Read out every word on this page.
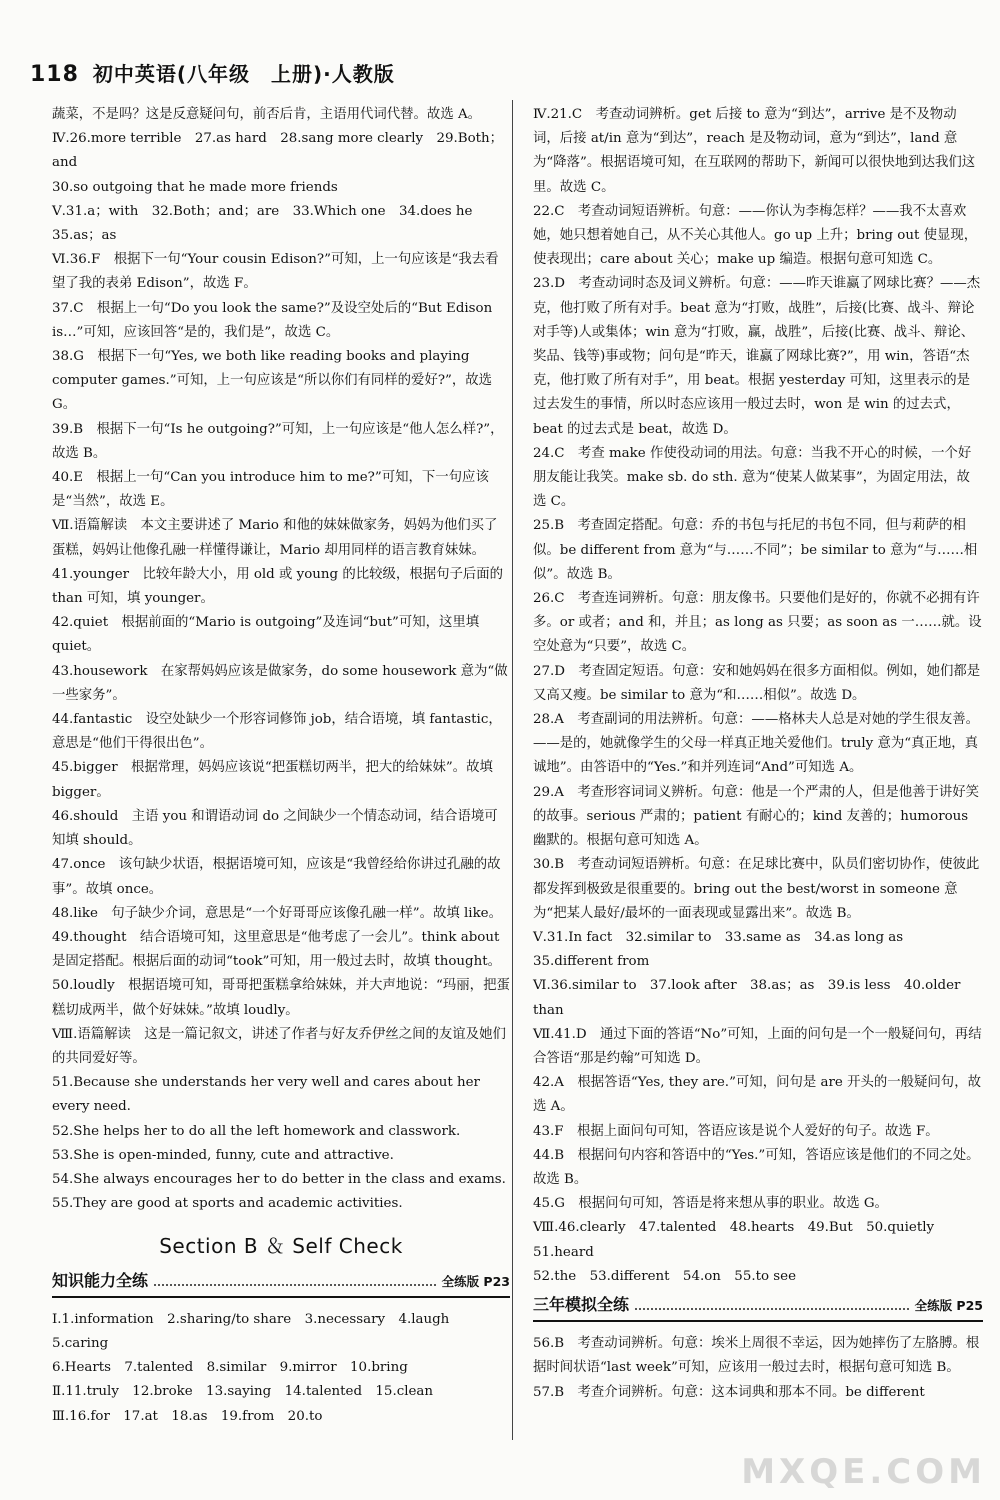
118 初中英语(八年级　上册)·人教版
蔬菜，不是吗？这是反意疑问句，前否后肯，主语用代词代替。故选 A。
Ⅳ.26.more terrible　27.as hard　28.sang more clearly　29.Both；and
30.so outgoing that he made more friends
Ⅴ.31.a；with　32.Both；and；are　33.Which one　34.does he　35.as；as
Ⅵ.36.F　根据下一句“Your cousin Edison?”可知，上一句应该是“我去看望了我的表弟 Edison”，故选 F。
37.C　根据上一句“Do you look the same?”及设空处后的“But Edison is…”可知，应该回答“是的，我们是”，故选 C。
38.G　根据下一句“Yes, we both like reading books and playing computer games.”可知，上一句应该是“所以你们有同样的爱好?”，故选 G。
39.B　根据下一句“Is he outgoing?”可知，上一句应该是“他人怎么样?”，故选 B。
40.E　根据上一句“Can you introduce him to me?”可知，下一句应该是“当然”，故选 E。
Ⅶ.语篇解读　本文主要讲述了 Mario 和他的妹妹做家务，妈妈为他们买了蛋糕，妈妈让他像孔融一样懂得谦让，Mario 却用同样的语言教育妹妹。
41.younger　比较年龄大小，用 old 或 young 的比较级，根据句子后面的 than 可知，填 younger。
42.quiet　根据前面的“Mario is outgoing”及连词“but”可知，这里填 quiet。
43.housework　在家帮妈妈应该是做家务，do some housework 意为“做一些家务”。
44.fantastic　设空处缺少一个形容词修饰 job，结合语境，填 fantastic，意思是“他们干得很出色”。
45.bigger　根据常理，妈妈应该说“把蛋糕切两半，把大的给妹妹”。故填 bigger。
46.should　主语 you 和谓语动词 do 之间缺少一个情态动词，结合语境可知填 should。
47.once　该句缺少状语，根据语境可知，应该是“我曾经给你讲过孔融的故事”。故填 once。
48.like　句子缺少介词，意思是“一个好哥哥应该像孔融一样”。故填 like。
49.thought　结合语境可知，这里意思是“他考虑了一会儿”。think about 是固定搭配。根据后面的动词“took”可知，用一般过去时，故填 thought。
50.loudly　根据语境可知，哥哥把蛋糕拿给妹妹，并大声地说：“玛丽，把蛋糕切成两半，做个好妹妹。”故填 loudly。
Ⅷ.语篇解读　这是一篇记叙文，讲述了作者与好友乔伊丝之间的友谊及她们的共同爱好等。
51.Because she understands her very well and cares about her every need.
52.She helps her to do all the left homework and classwork.
53.She is open-minded, funny, cute and attractive.
54.She always encourages her to do better in the class and exams.
55.They are good at sports and academic activities.
Section B ＆ Self Check
知识能力全练	全练版 P23
Ⅰ.1.information　2.sharing/to share　3.necessary　4.laugh　5.caring
6.Hearts　7.talented　8.similar　9.mirror　10.bring
Ⅱ.11.truly　12.broke　13.saying　14.talented　15.clean
Ⅲ.16.for　17.at　18.as　19.from　20.to
Ⅳ.21.C　考查动词辨析。get 后接 to 意为“到达”，arrive 是不及物动词，后接 at/in 意为“到达”，reach 是及物动词，意为“到达”，land 意为“降落”。根据语境可知，在互联网的帮助下，新闻可以很快地到达我们这里。故选 C。
22.C　考查动词短语辨析。句意：——你认为李梅怎样？——我不太喜欢她，她只想着她自己，从不关心其他人。go up 上升；bring out 使显现，使表现出；care about 关心；make up 编造。根据句意可知选 C。
23.D　考查动词时态及词义辨析。句意：——昨天谁赢了网球比赛？——杰克，他打败了所有对手。beat 意为“打败，战胜”，后接(比赛、战斗、辩论对手等)人或集体；win 意为“打败，赢，战胜”，后接(比赛、战斗、辩论、奖品、钱等)事或物；问句是“昨天，谁赢了网球比赛?”，用 win，答语“杰克，他打败了所有对手”，用 beat。根据 yesterday 可知，这里表示的是过去发生的事情，所以时态应该用一般过去时，won 是 win 的过去式，beat 的过去式是 beat，故选 D。
24.C　考查 make 作使役动词的用法。句意：当我不开心的时候，一个好朋友能让我笑。make sb. do sth. 意为“使某人做某事”，为固定用法，故选 C。
25.B　考查固定搭配。句意：乔的书包与托尼的书包不同，但与莉萨的相似。be different from 意为“与……不同”；be similar to 意为“与……相似”。故选 B。
26.C　考查连词辨析。句意：朋友像书。只要他们是好的，你就不必拥有许多。or 或者；and 和，并且；as long as 只要；as soon as 一……就。设空处意为“只要”，故选 C。
27.D　考查固定短语。句意：安和她妈妈在很多方面相似。例如，她们都是又高又瘦。be similar to 意为“和……相似”。故选 D。
28.A　考查副词的用法辨析。句意：——格林夫人总是对她的学生很友善。——是的，她就像学生的父母一样真正地关爱他们。truly 意为“真正地，真诚地”。由答语中的“Yes.”和并列连词“And”可知选 A。
29.A　考查形容词词义辨析。句意：他是一个严肃的人，但是他善于讲好笑的故事。serious 严肃的；patient 有耐心的；kind 友善的；humorous 幽默的。根据句意可知选 A。
30.B　考查动词短语辨析。句意：在足球比赛中，队员们密切协作，使彼此都发挥到极致是很重要的。bring out the best/worst in someone 意为“把某人最好/最坏的一面表现或显露出来”。故选 B。
Ⅴ.31.In fact　32.similar to　33.same as　34.as long as
35.different from
Ⅵ.36.similar to　37.look after　38.as；as　39.is less　40.older than
Ⅶ.41.D　通过下面的答语“No”可知，上面的问句是一个一般疑问句，再结合答语“那是约翰”可知选 D。
42.A　根据答语“Yes, they are.”可知，问句是 are 开头的一般疑问句，故选 A。
43.F　根据上面问句可知，答语应该是说个人爱好的句子。故选 F。
44.B　根据问句内容和答语中的“Yes.”可知，答语应该是他们的不同之处。故选 B。
45.G　根据问句可知，答语是将来想从事的职业。故选 G。
Ⅷ.46.clearly　47.talented　48.hearts　49.But　50.quietly　51.heard
52.the　53.different　54.on　55.to see
三年模拟全练	全练版 P25
56.B　考查动词辨析。句意：埃米上周很不幸运，因为她摔伤了左胳膊。根据时间状语“last week”可知，应该用一般过去时，根据句意可知选 B。
57.B　考查介词辨析。句意：这本词典和那本不同。be different
MXQE.COM
